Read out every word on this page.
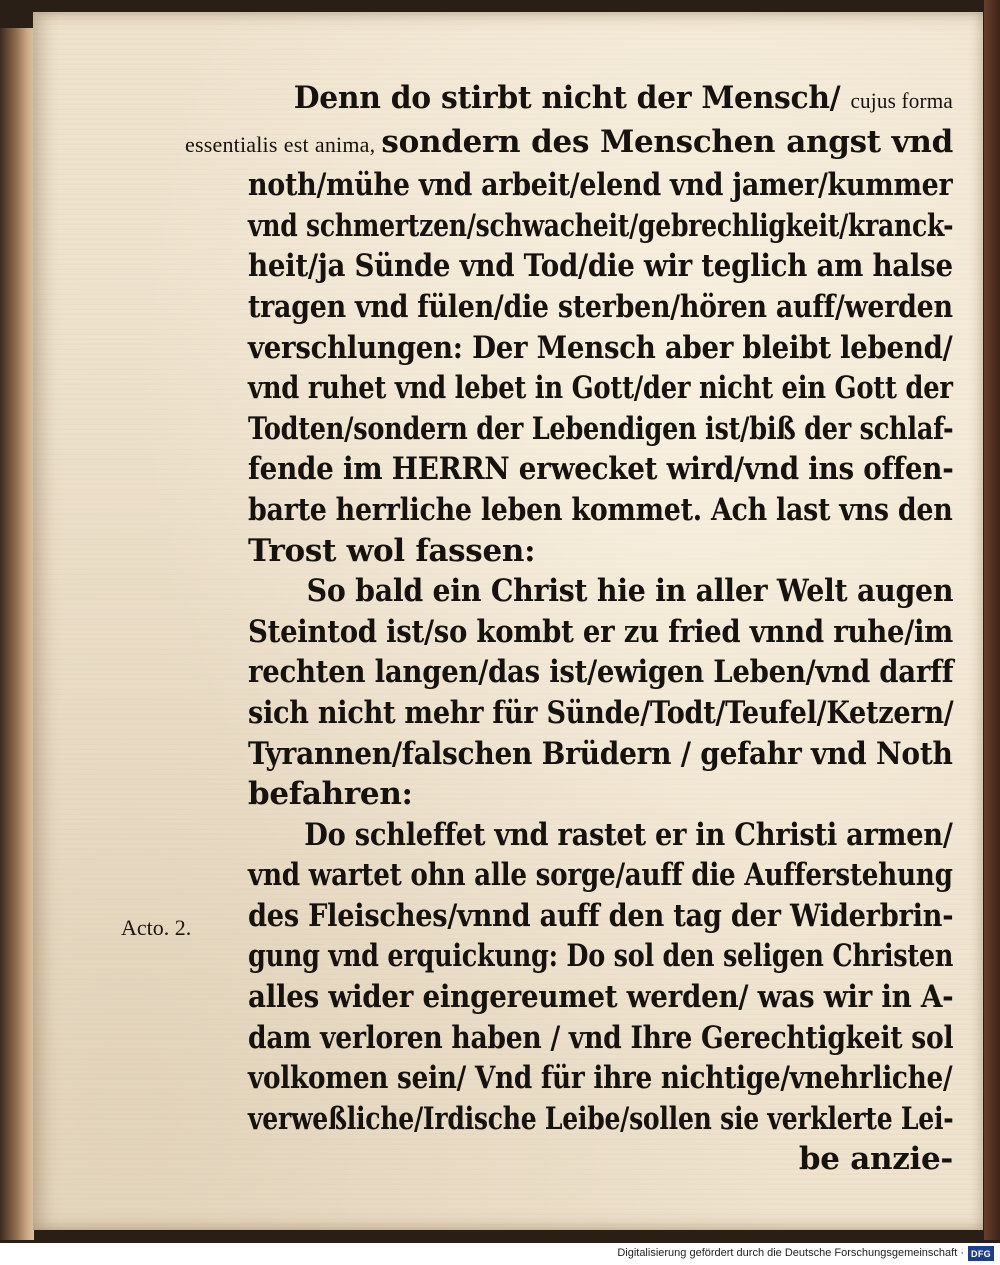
Acto. 2.
Denn do stirbt nicht der Mensch/ cujus forma
essentialis est anima, sondern des Menschen angst vnd
noth/mühe vnd arbeit/elend vnd jamer/kummer
vnd schmertzen/schwacheit/gebrechligkeit/kranck-
heit/ja Sünde vnd Tod/die wir teglich am halse
tragen vnd fülen/die sterben/hören auff/werden
verschlungen: Der Mensch aber bleibt lebend/
vnd ruhet vnd lebet in Gott/der nicht ein Gott der
Todten/sondern der Lebendigen ist/biß der schlaf-
fende im HERRN erwecket wird/vnd ins offen-
barte herrliche leben kommet. Ach last vns den
Trost wol fassen:
So bald ein Christ hie in aller Welt augen
Steintod ist/so kombt er zu fried vnnd ruhe/im
rechten langen/das ist/ewigen Leben/vnd darff
sich nicht mehr für Sünde/Todt/Teufel/Ketzern/
Tyrannen/falschen Brüdern / gefahr vnd Noth
befahren:
Do schleffet vnd rastet er in Christi armen/
vnd wartet ohn alle sorge/auff die Aufferstehung
des Fleisches/vnnd auff den tag der Widerbrin-
gung vnd erquickung: Do sol den seligen Christen
alles wider eingereumet werden/ was wir in A-
dam verloren haben / vnd Ihre Gerechtigkeit sol
volkomen sein/ Vnd für ihre nichtige/vnehrliche/
verweßliche/Irdische Leibe/sollen sie verklerte Lei-
be anzie-
Digitalisierung gefördert durch die Deutsche Forschungsgemeinschaft · DFG
